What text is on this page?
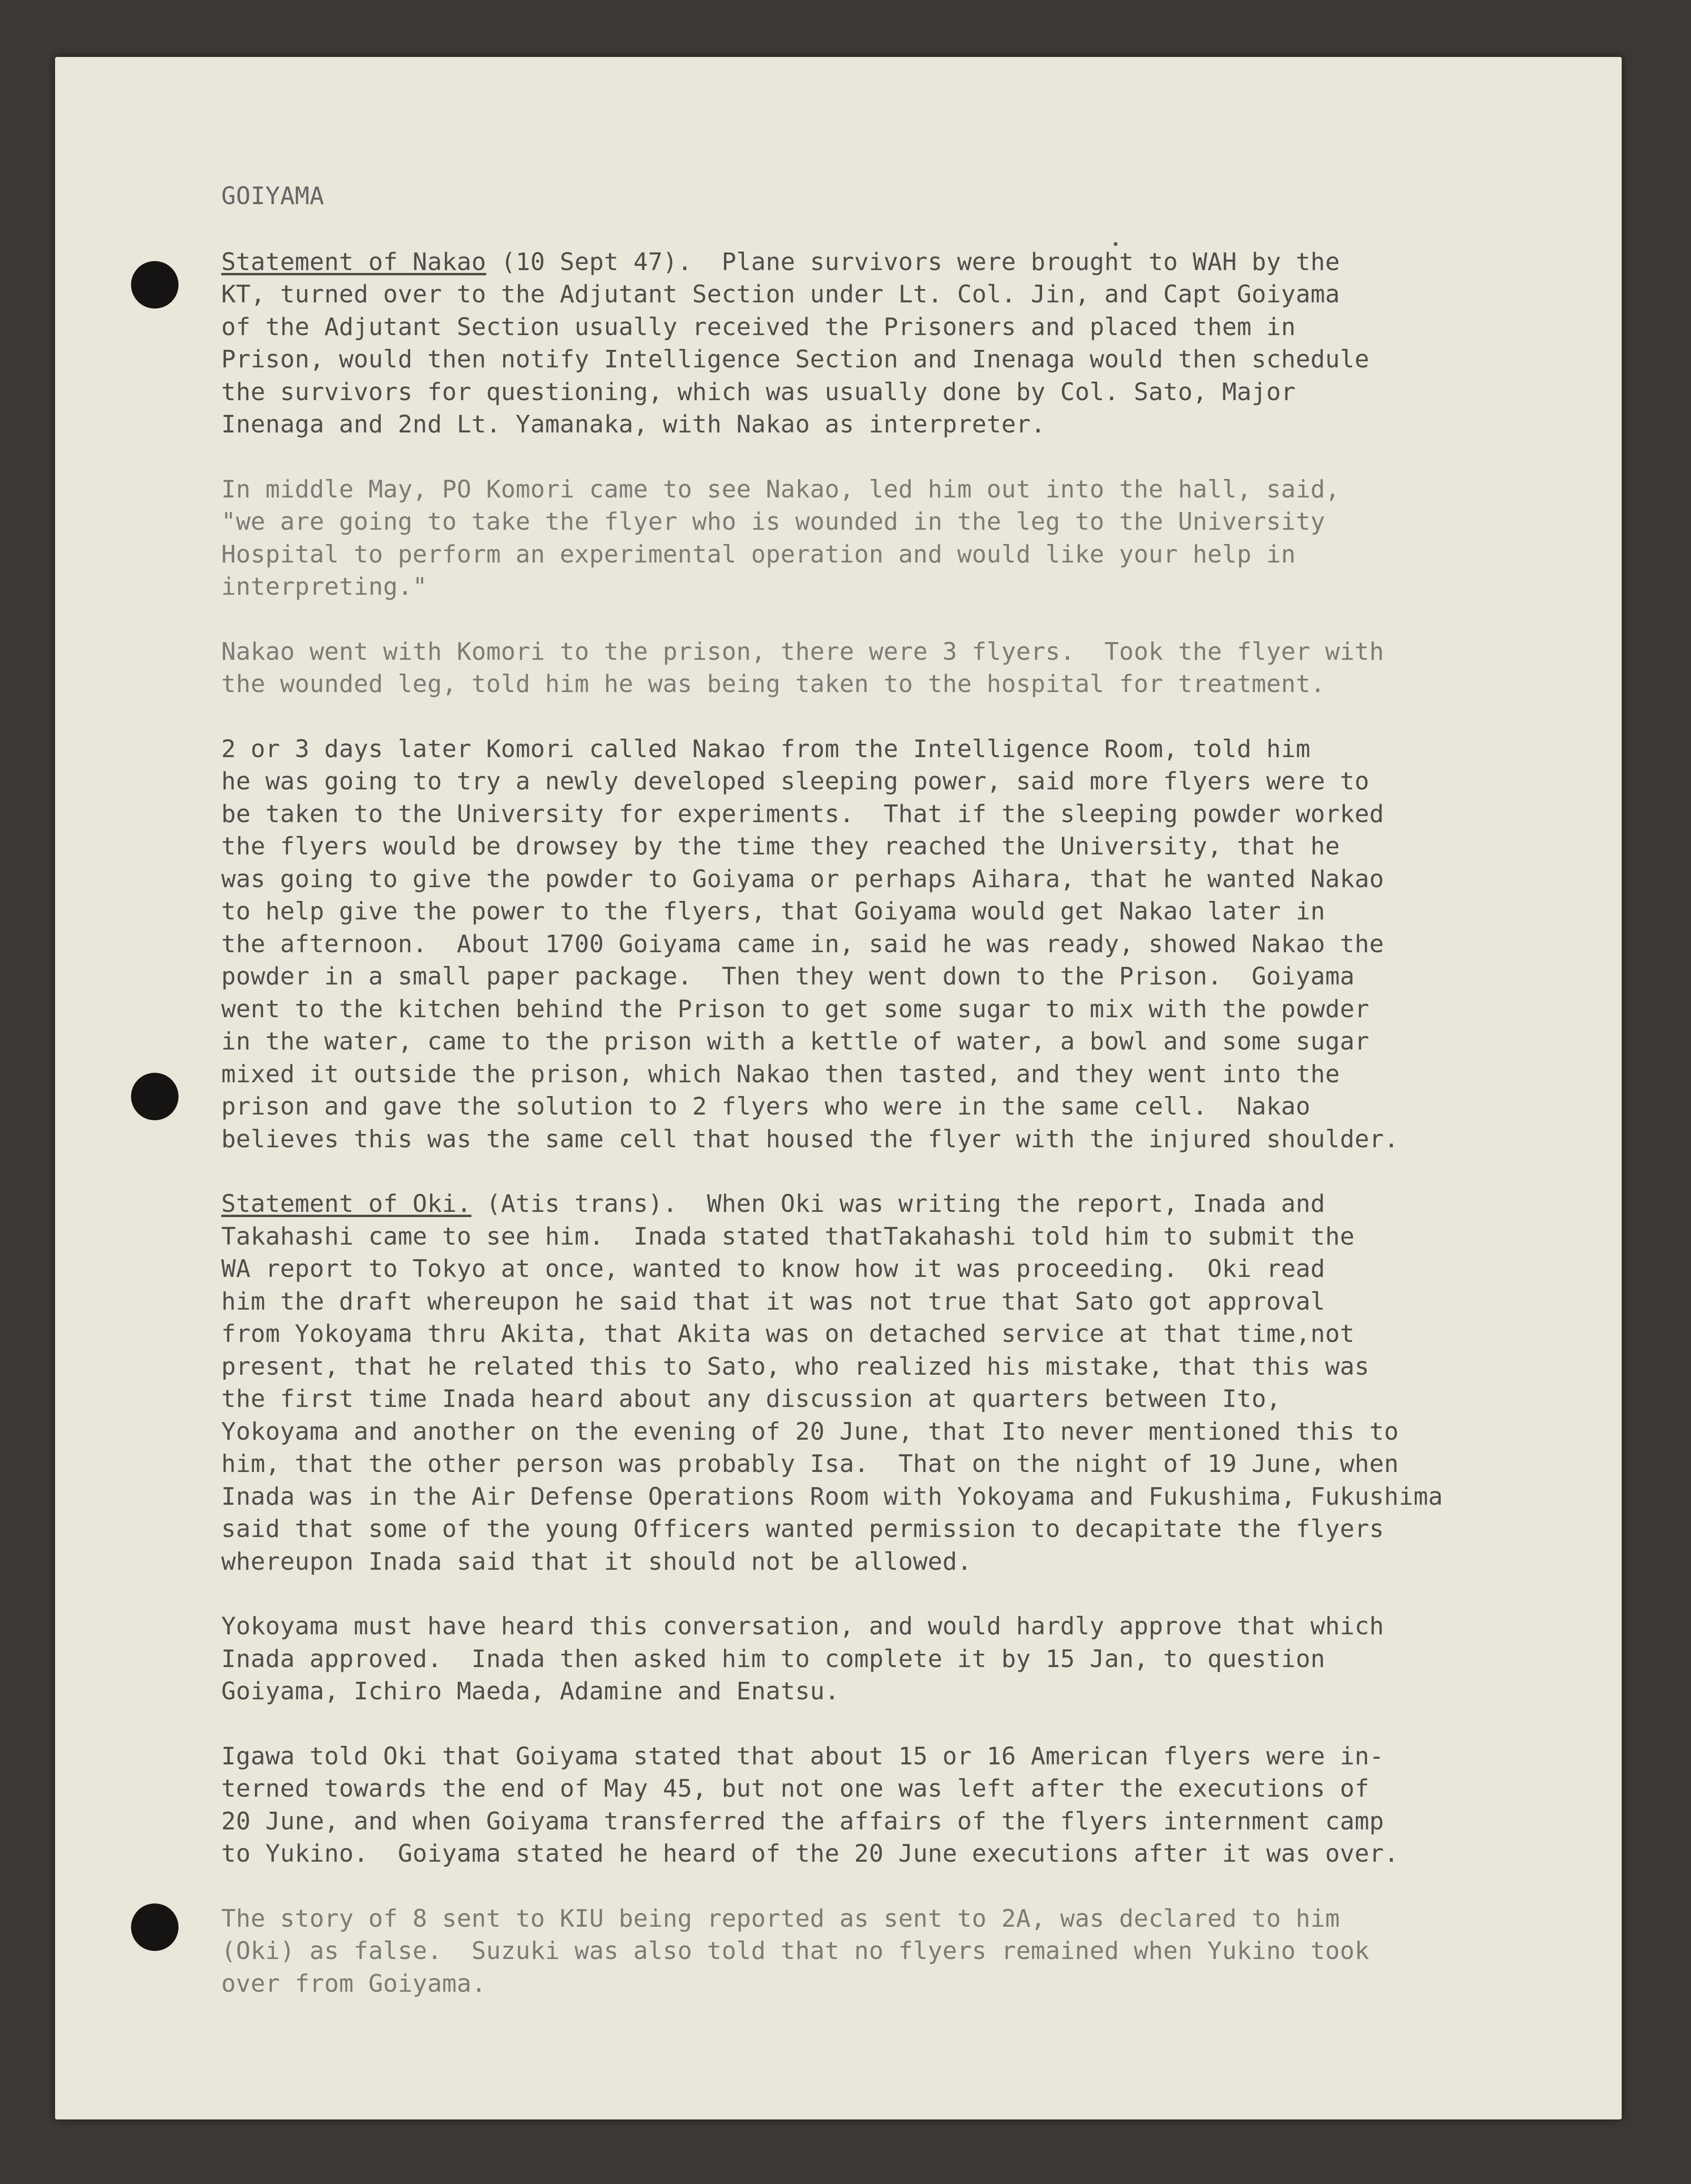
GOIYAMA
Statement of Nakao (10 Sept 47).  Plane survivors were brought to WAH by the
KT, turned over to the Adjutant Section under Lt. Col. Jin, and Capt Goiyama
of the Adjutant Section usually received the Prisoners and placed them in
Prison, would then notify Intelligence Section and Inenaga would then schedule
the survivors for questioning, which was usually done by Col. Sato, Major
Inenaga and 2nd Lt. Yamanaka, with Nakao as interpreter.
In middle May, PO Komori came to see Nakao, led him out into the hall, said,
"we are going to take the flyer who is wounded in the leg to the University
Hospital to perform an experimental operation and would like your help in
interpreting."
Nakao went with Komori to the prison, there were 3 flyers.  Took the flyer with
the wounded leg, told him he was being taken to the hospital for treatment.
2 or 3 days later Komori called Nakao from the Intelligence Room, told him
he was going to try a newly developed sleeping power, said more flyers were to
be taken to the University for experiments.  That if the sleeping powder worked
the flyers would be drowsey by the time they reached the University, that he
was going to give the powder to Goiyama or perhaps Aihara, that he wanted Nakao
to help give the power to the flyers, that Goiyama would get Nakao later in
the afternoon.  About 1700 Goiyama came in, said he was ready, showed Nakao the
powder in a small paper package.  Then they went down to the Prison.  Goiyama
went to the kitchen behind the Prison to get some sugar to mix with the powder
in the water, came to the prison with a kettle of water, a bowl and some sugar
mixed it outside the prison, which Nakao then tasted, and they went into the
prison and gave the solution to 2 flyers who were in the same cell.  Nakao
believes this was the same cell that housed the flyer with the injured shoulder.
Statement of Oki. (Atis trans).  When Oki was writing the report, Inada and
Takahashi came to see him.  Inada stated thatTakahashi told him to submit the
WA report to Tokyo at once, wanted to know how it was proceeding.  Oki read
him the draft whereupon he said that it was not true that Sato got approval
from Yokoyama thru Akita, that Akita was on detached service at that time,not
present, that he related this to Sato, who realized his mistake, that this was
the first time Inada heard about any discussion at quarters between Ito,
Yokoyama and another on the evening of 20 June, that Ito never mentioned this to
him, that the other person was probably Isa.  That on the night of 19 June, when
Inada was in the Air Defense Operations Room with Yokoyama and Fukushima, Fukushima
said that some of the young Officers wanted permission to decapitate the flyers
whereupon Inada said that it should not be allowed.
Yokoyama must have heard this conversation, and would hardly approve that which
Inada approved.  Inada then asked him to complete it by 15 Jan, to question
Goiyama, Ichiro Maeda, Adamine and Enatsu.
Igawa told Oki that Goiyama stated that about 15 or 16 American flyers were in-
terned towards the end of May 45, but not one was left after the executions of
20 June, and when Goiyama transferred the affairs of the flyers internment camp
to Yukino.  Goiyama stated he heard of the 20 June executions after it was over.
The story of 8 sent to KIU being reported as sent to 2A, was declared to him
(Oki) as false.  Suzuki was also told that no flyers remained when Yukino took
over from Goiyama.
